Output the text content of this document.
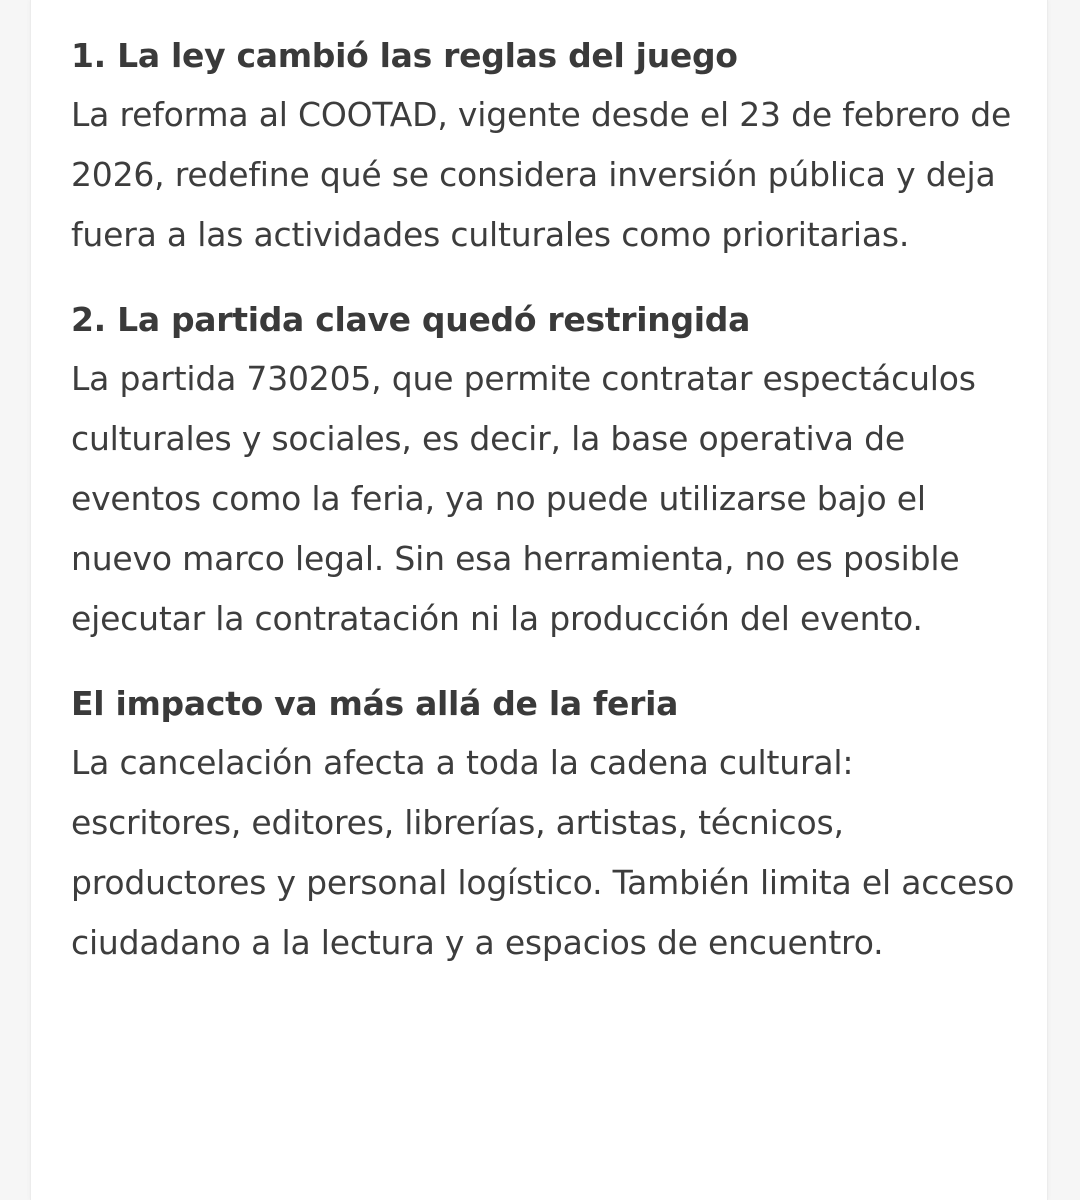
1. La ley cambió las reglas del juego

La reforma al COOTAD, vigente desde el 23 de febrero de 2026, redefine qué se considera inversión pública y deja fuera a las actividades culturales como prioritarias.

2. La partida clave quedó restringida

La partida 730205, que permite contratar espectáculos culturales y sociales, es decir, la base operativa de eventos como la feria, ya no puede utilizarse bajo el nuevo marco legal. Sin esa herramienta, no es posible ejecutar la contratación ni la producción del evento.

El impacto va más allá de la feria

La cancelación afecta a toda la cadena cultural: escritores, editores, librerías, artistas, técnicos, productores y personal logístico. También limita el acceso ciudadano a la lectura y a espacios de encuentro.
